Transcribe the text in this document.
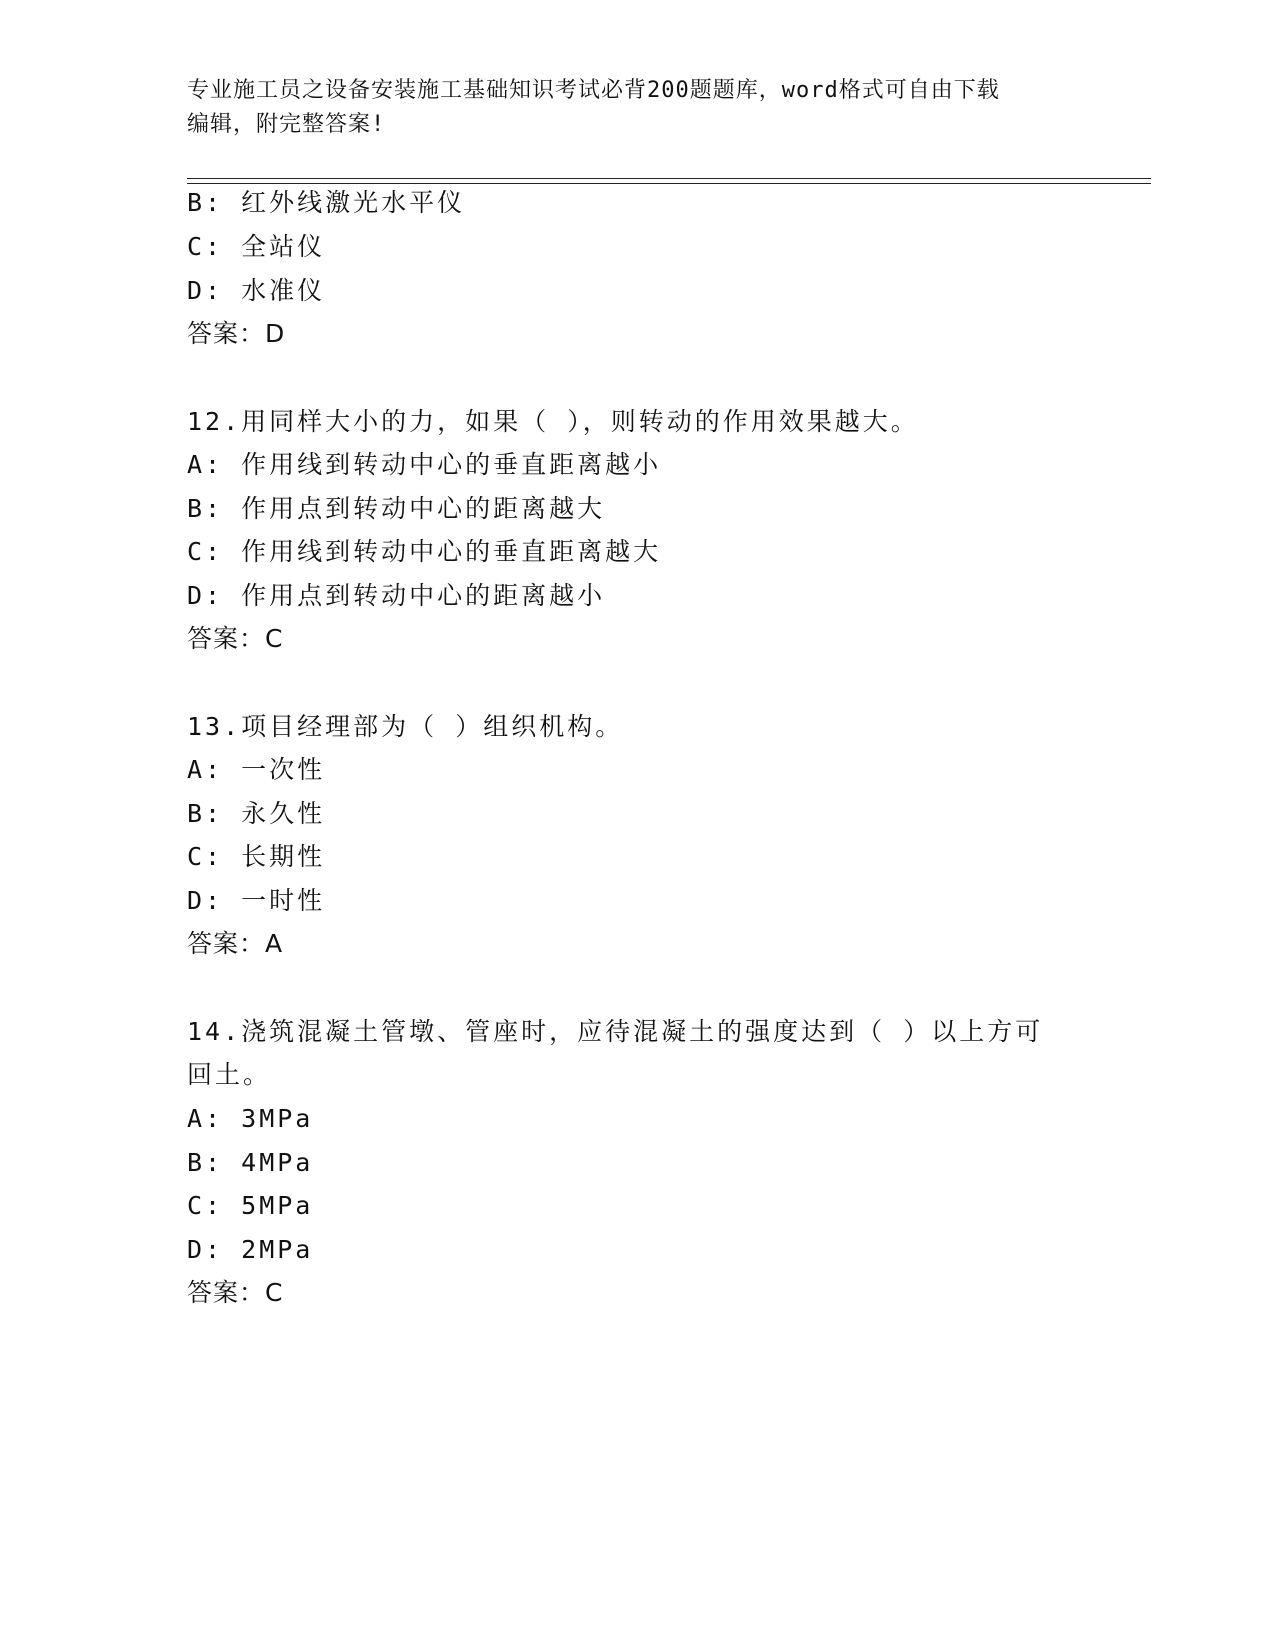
专业施工员之设备安装施工基础知识考试必背200题题库，word格式可自由下载
编辑，附完整答案!
B: 红外线激光水平仪
C: 全站仪
D: 水准仪
答案：D
12.用同样大小的力，如果（ ），则转动的作用效果越大。
A: 作用线到转动中心的垂直距离越小
B: 作用点到转动中心的距离越大
C: 作用线到转动中心的垂直距离越大
D: 作用点到转动中心的距离越小
答案：C
13.项目经理部为（ ）组织机构。
A: 一次性
B: 永久性
C: 长期性
D: 一时性
答案：A
14.浇筑混凝土管墩、管座时，应待混凝土的强度达到（ ）以上方可
回土。
A: 3MPa
B: 4MPa
C: 5MPa
D: 2MPa
答案：C
